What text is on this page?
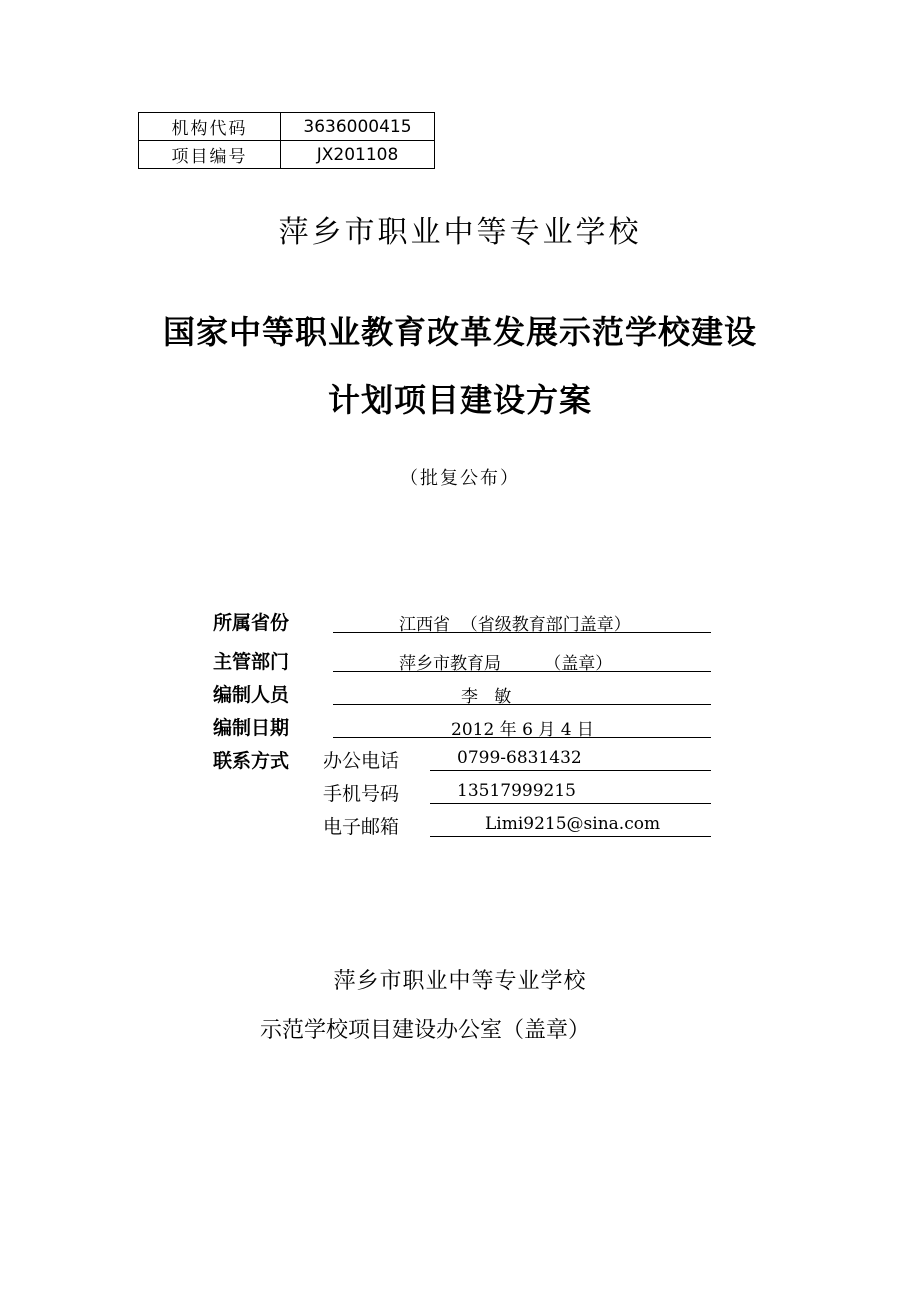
机构代码	3636000415
项目编号	JX201108
萍乡市职业中等专业学校
国家中等职业教育改革发展示范学校建设
计划项目建设方案
（批复公布）
所属省份

	江西省  （省级教育部门盖章）

主管部门

	萍乡市教育局        （盖章）

编制人员

	李   敏

编制日期

	2012 年 6 月 4 日

联系方式 办公电话

	0799-6831432

手机号码

	13517999215

电子邮箱

	Limi9215@sina.com

萍乡市职业中等专业学校
示范学校项目建设办公室（盖章）
